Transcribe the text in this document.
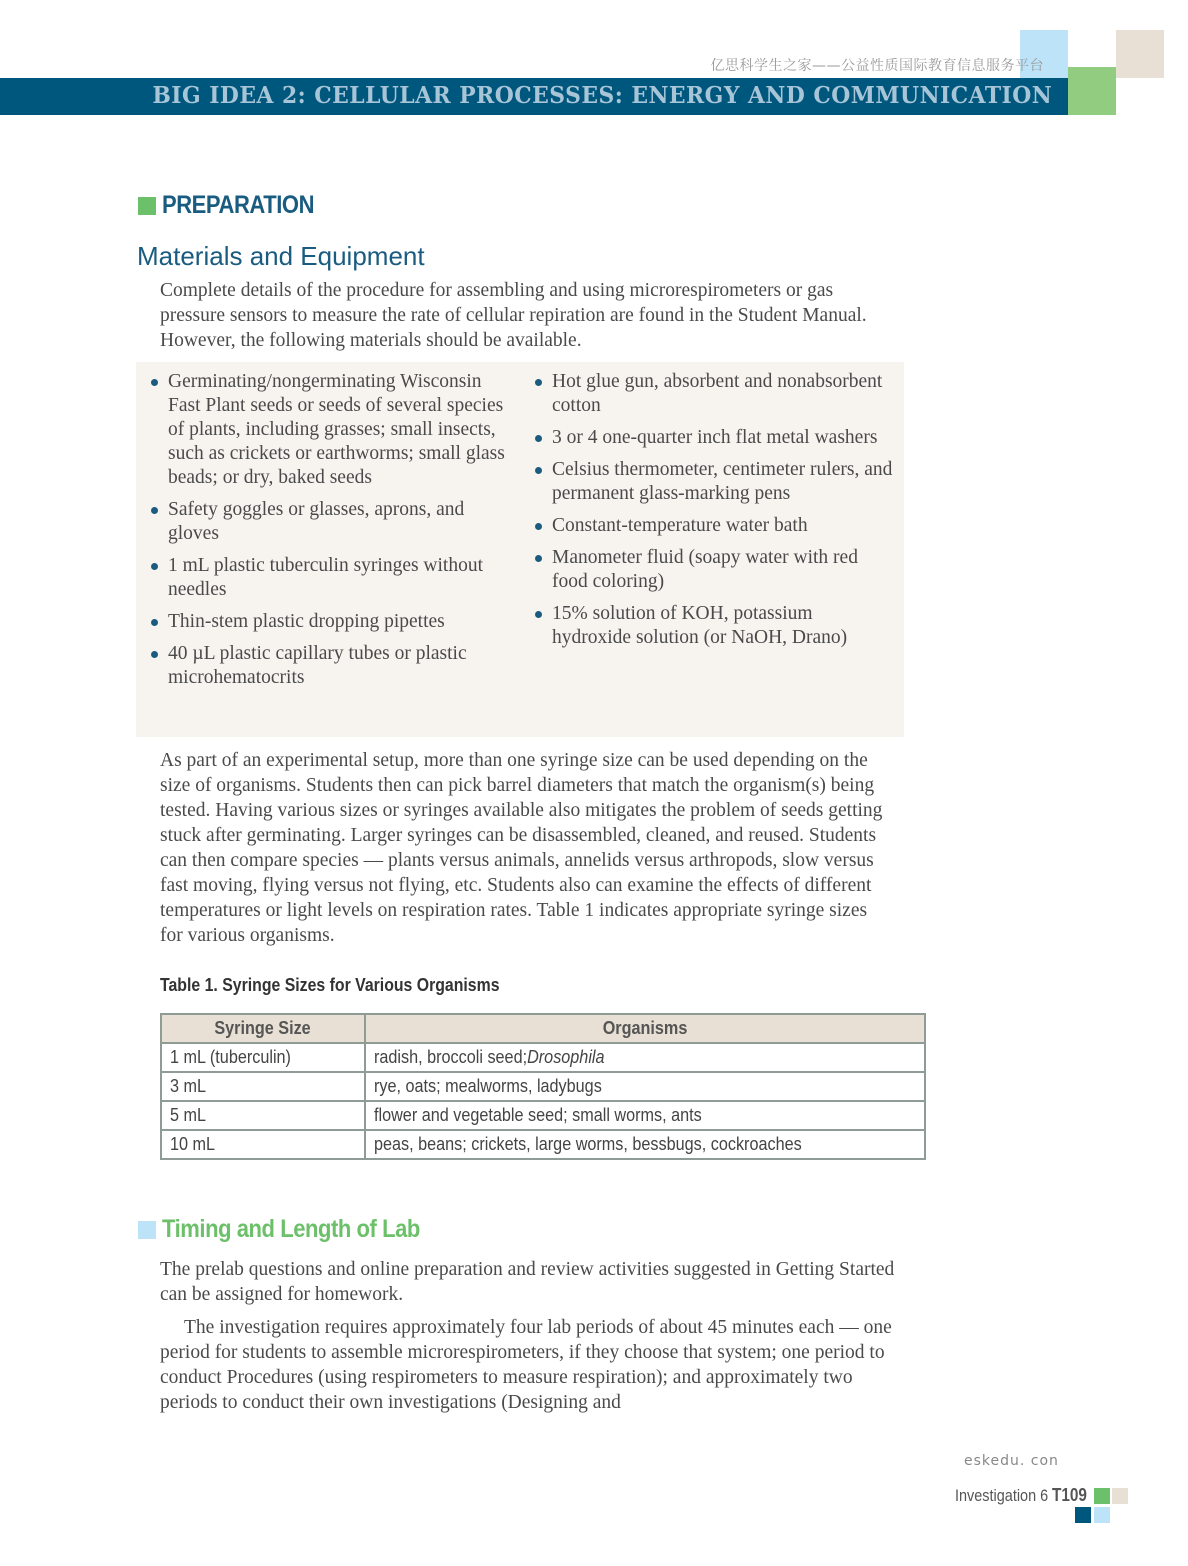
亿思科学生之家——公益性质国际教育信息服务平台
BIG IDEA 2: CELLULAR PROCESSES: ENERGY AND COMMUNICATION
PREPARATION
Materials and Equipment

Complete details of the procedure for assembling and using microrespirometers or gas pressure sensors to measure the rate of cellular repiration are found in the Student Manual. However, the following materials should be available.

Germinating/nongerminating Wisconsin Fast Plant seeds or seeds of several species of plants, including grasses; small insects, such as crickets or earthworms; small glass beads; or dry, baked seeds
Safety goggles or glasses, aprons, and gloves
1 mL plastic tuberculin syringes without needles
Thin-stem plastic dropping pipettes
40 µL plastic capillary tubes or plastic microhematocrits
Hot glue gun, absorbent and nonabsorbent cotton
3 or 4 one-quarter inch flat metal washers
Celsius thermometer, centimeter rulers, and permanent glass-marking pens
Constant-temperature water bath
Manometer fluid (soapy water with red food coloring)
15% solution of KOH, potassium hydroxide solution (or NaOH, Drano)

As part of an experimental setup, more than one syringe size can be used depending on the size of organisms. Students then can pick barrel diameters that match the organism(s) being tested. Having various sizes or syringes available also mitigates the problem of seeds getting stuck after germinating. Larger syringes can be disassembled, cleaned, and reused. Students can then compare species — plants versus animals, annelids versus arthropods, slow versus fast moving, flying versus not flying, etc. Students also can examine the effects of different temperatures or light levels on respiration rates. Table 1 indicates appropriate syringe sizes for various organisms.

Table 1. Syringe Sizes for Various Organisms
Syringe Size	Organisms
1 mL (tuberculin)	radish, broccoli seed;Drosophila
3 mL	rye, oats; mealworms, ladybugs
5 mL	flower and vegetable seed; small worms, ants
10 mL	peas, beans; crickets, large worms, bessbugs, cockroaches
Timing and Length of Lab

The prelab questions and online preparation and review activities suggested in Getting Started can be assigned for homework.

The investigation requires approximately four lab periods of about 45 minutes each — one period for students to assemble microrespirometers, if they choose that system; one period to conduct Procedures (using respirometers to measure respiration); and approximately two periods to conduct their own investigations (Designing and

eskedu. con
Investigation 6 T109
